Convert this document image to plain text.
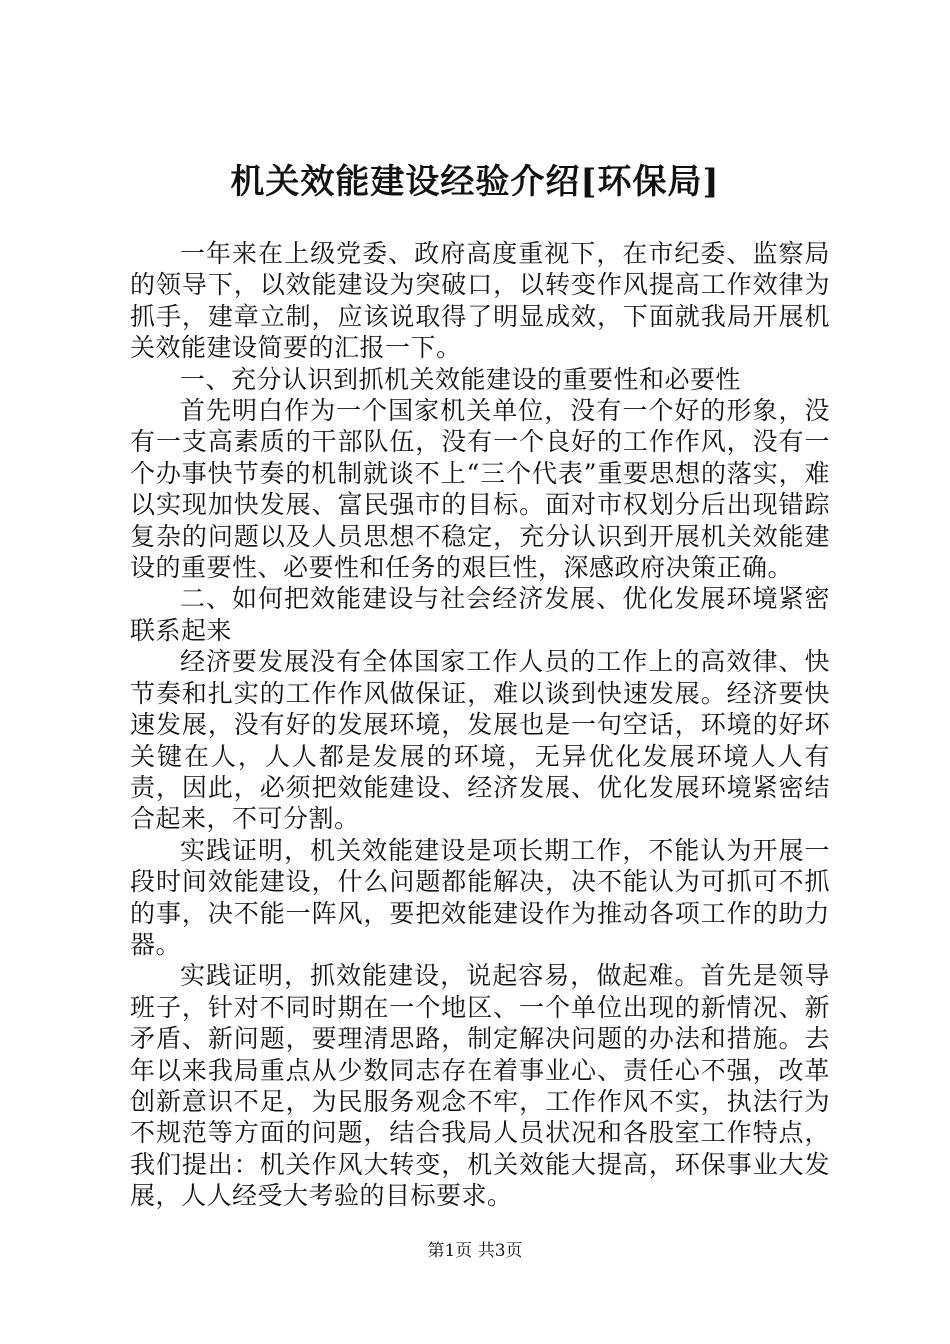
机关效能建设经验介绍[环保局]

一年来在上级党委、政府高度重视下，在市纪委、监察局的领导下，以效能建设为突破口，以转变作风提高工作效律为抓手，建章立制，应该说取得了明显成效，下面就我局开展机关效能建设简要的汇报一下。

一、充分认识到抓机关效能建设的重要性和必要性

首先明白作为一个国家机关单位，没有一个好的形象，没有一支高素质的干部队伍，没有一个良好的工作作风，没有一个办事快节奏的机制就谈不上“三个代表”重要思想的落实，难以实现加快发展、富民强市的目标。面对市权划分后出现错踪复杂的问题以及人员思想不稳定，充分认识到开展机关效能建设的重要性、必要性和任务的艰巨性，深感政府决策正确。

二、如何把效能建设与社会经济发展、优化发展环境紧密联系起来

经济要发展没有全体国家工作人员的工作上的高效律、快节奏和扎实的工作作风做保证，难以谈到快速发展。经济要快速发展，没有好的发展环境，发展也是一句空话，环境的好坏关键在人，人人都是发展的环境，无异优化发展环境人人有责，因此，必须把效能建设、经济发展、优化发展环境紧密结合起来，不可分割。

实践证明，机关效能建设是项长期工作，不能认为开展一段时间效能建设，什么问题都能解决，决不能认为可抓可不抓的事，决不能一阵风，要把效能建设作为推动各项工作的助力器。

实践证明，抓效能建设，说起容易，做起难。首先是领导班子，针对不同时期在一个地区、一个单位出现的新情况、新矛盾、新问题，要理清思路，制定解决问题的办法和措施。去年以来我局重点从少数同志存在着事业心、责任心不强，改革创新意识不足，为民服务观念不牢，工作作风不实，执法行为不规范等方面的问题，结合我局人员状况和各股室工作特点，我们提出：机关作风大转变，机关效能大提高，环保事业大发展，人人经受大考验的目标要求。

第1页 共3页
